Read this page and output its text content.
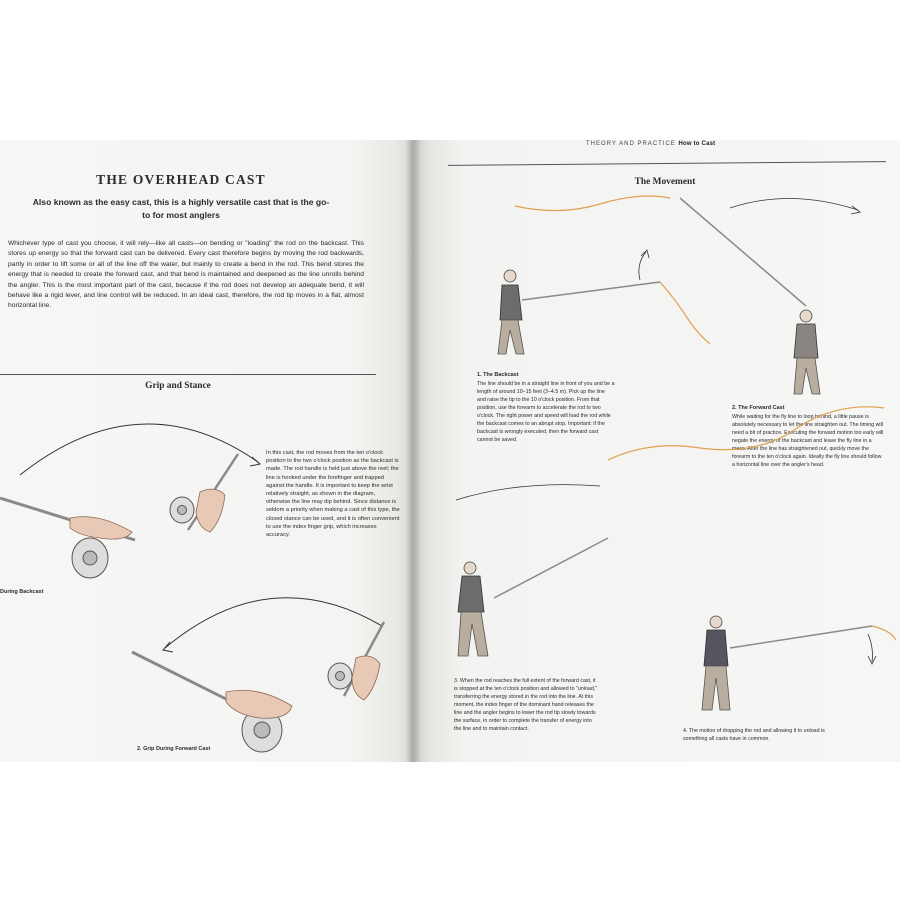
THE OVERHEAD CAST

Also known as the easy cast, this is a highly versatile cast that is the go-to for most anglers

Whichever type of cast you choose, it will rely—like all casts—on bending or "loading" the rod on the backcast. This stores up energy so that the forward cast can be delivered. Every cast therefore begins by moving the rod backwards, partly in order to lift some or all of the line off the water, but mainly to create a bend in the rod. This bend stores the energy that is needed to create the forward cast, and that bend is maintained and deepened as the line unrolls behind the angler. This is the most important part of the cast, because if the rod does not develop an adequate bend, it will behave like a rigid lever, and line control will be reduced. In an ideal cast, therefore, the rod tip moves in a flat, almost horizontal line.

Grip and Stance

In this cast, the rod moves from the ten o'clock position to the two o'clock position as the backcast is made. The rod handle is held just above the reel; the line is hooked under the forefinger and trapped against the handle. It is important to keep the wrist relatively straight, as shown in the diagram, otherwise the line may dip behind. Since distance is seldom a priority when making a cast of this type, the closed stance can be used, and it is often convenient to use the index finger grip, which increases accuracy.

During Backcast

2. Grip During Forward Cast

THEORY AND PRACTICE How to Cast

The Movement

1. The Backcast

The line should be in a straight line in front of you and be a length of around 10–15 feet (3–4.5 m). Pick up the line and raise the tip to the 10 o'clock position. From that position, use the forearm to accelerate the rod to two o'clock. The right power and speed will load the rod while the backcast comes to an abrupt stop. Important: if the backcast is wrongly executed, then the forward cast cannot be saved.

2. The Forward Cast

While waiting for the fly line to loop behind, a little pause is absolutely necessary to let the line straighten out. The timing will need a bit of practice. Executing the forward motion too early will negate the energy of the backcast and leave the fly line in a mess. After the line has straightened out, quickly move the forearm to the ten o'clock again. Ideally the fly line should follow a horizontal line over the angler's head.

3. When the rod reaches the full extent of the forward cast, it is stopped at the ten o'clock position and allowed to "unload," transferring the energy stored in the rod into the line. At this moment, the index finger of the dominant hand releases the line and the angler begins to lower the rod tip slowly towards the surface, in order to complete the transfer of energy into the line and to maintain contact.	4. The motion of dropping the rod and allowing it to unload is something all casts have in common.
